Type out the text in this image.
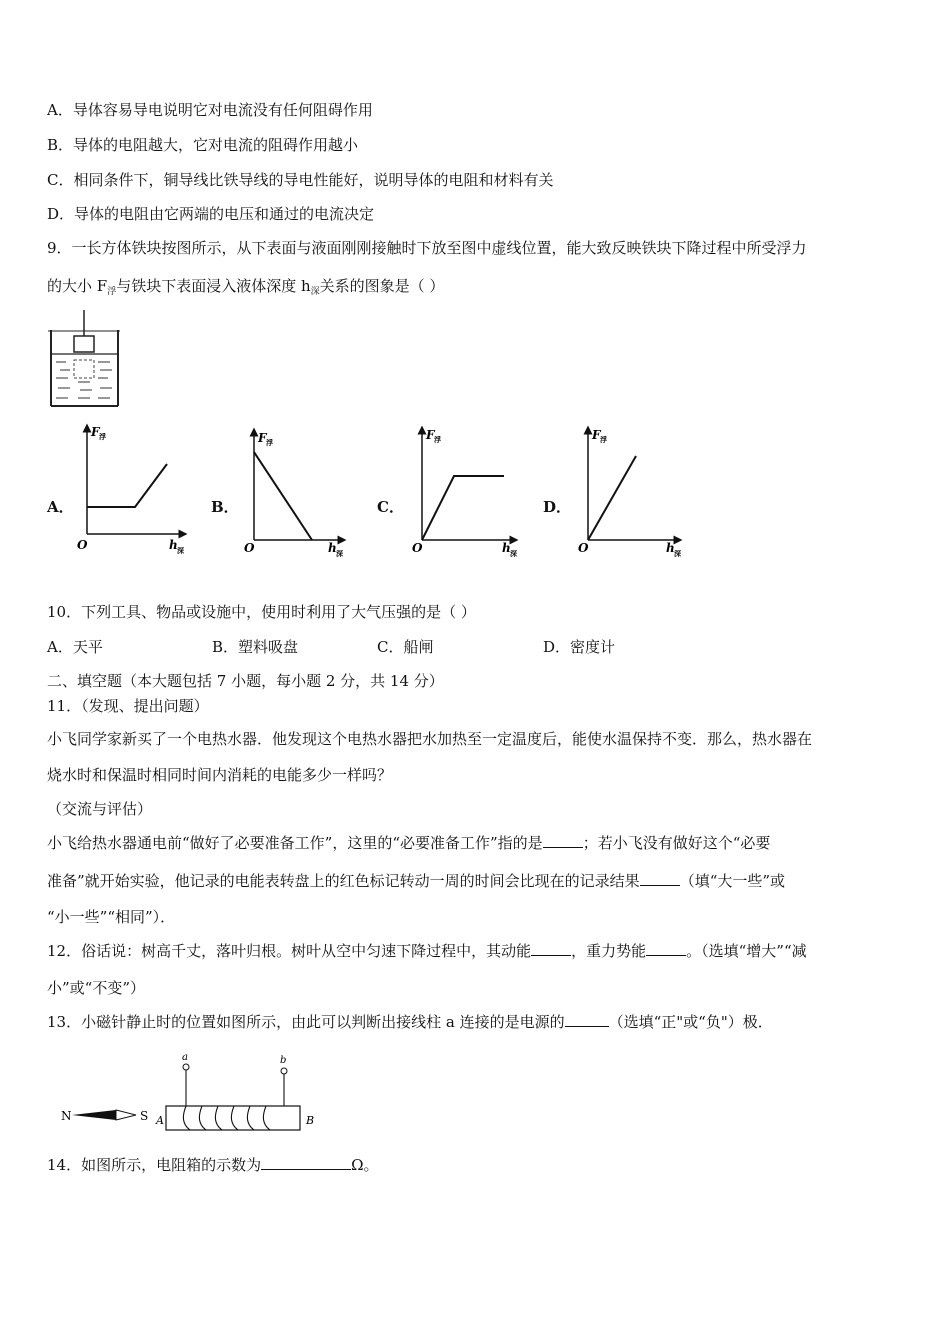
A．导体容易导电说明它对电流没有任何阻碍作用
B．导体的电阻越大，它对电流的阻碍作用越小
C．相同条件下，铜导线比铁导线的导电性能好，说明导体的电阻和材料有关
D．导体的电阻由它两端的电压和通过的电流决定
9．一长方体铁块按图所示，从下表面与液面刚刚接触时下放至图中虚线位置，能大致反映铁块下降过程中所受浮力
的大小 $F_浮$与铁块下表面浸入液体深度 $h_深$关系的图象是（ ）
A．	B．	C．	D．
F 浮
O	h 深
F 浮
O	h 深
F 浮
O	h 深
F 浮
O	h 深
10．下列工具、物品或设施中，使用时利用了大气压强的是（ ）
A．天平	B．塑料吸盘	C．船闸	D．密度计
二、填空题（本大题包括 7 小题，每小题 2 分，共 14 分）
11．（发现、提出问题）
小飞同学家新买了一个电热水器．他发现这个电热水器把水加热至一定温度后，能使水温保持不变．那么，热水器在
烧水时和保温时相同时间内消耗的电能多少一样吗？
（交流与评估）
小飞给热水器通电前“做好了必要准备工作”，这里的“必要准备工作”指的是	；若小飞没有做好这个“必要
准备”就开始实验，他记录的电能表转盘上的红色标记转动一周的时间会比现在的记录结果	（填“大一些”或
“小一些”“相同”）．
12．俗话说：树高千丈，落叶归根。树叶从空中匀速下降过程中，其动能	，重力势能	。（选填“增大”“减
小”或“不变”）
13．小磁针静止时的位置如图所示，由此可以判断出接线柱 a 连接的是电源的	（选填“正"或“负"）极．
N	S A
a	b
B
14．如图所示，电阻箱的示数为	Ω。
